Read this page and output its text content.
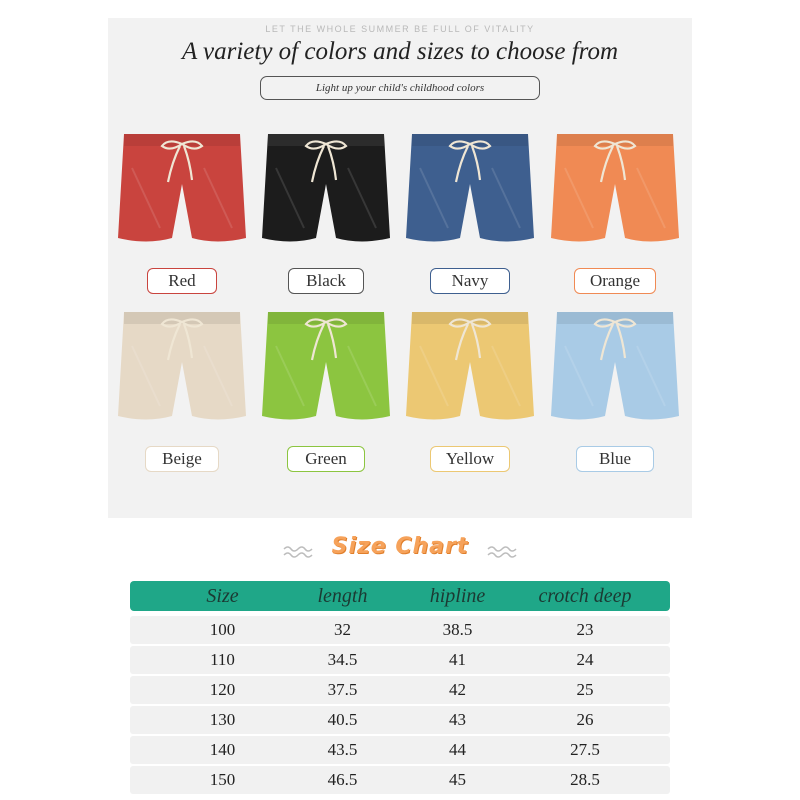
LET THE WHOLE SUMMER BE FULL OF VITALITY
A variety of colors and sizes to choose from
Light up your child's childhood colors
Red	Black	Navy	Orange
Beige	Green	Yellow	Blue
Size Chart
Size	length	hipline	crotch deep
100	32	38.5	23
110	34.5	41	24
120	37.5	42	25
130	40.5	43	26
140	43.5	44	27.5
150	46.5	45	28.5
